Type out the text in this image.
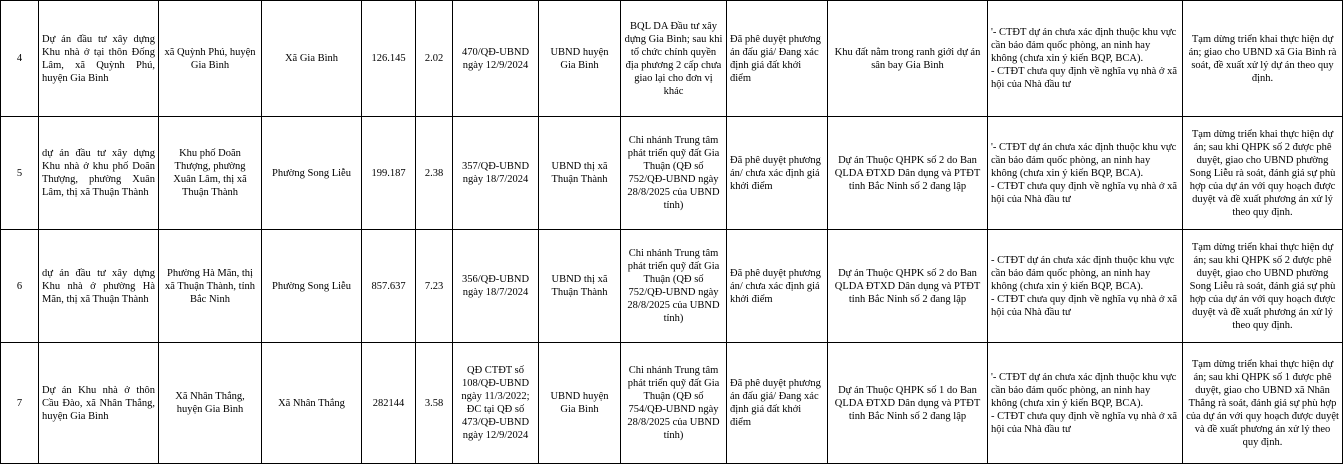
4	Dự án đầu tư xây dựng Khu nhà ở tại thôn Đống Lâm, xã Quỳnh Phú, huyện Gia Bình	xã Quỳnh Phú, huyện Gia Bình	Xã Gia Bình	126.145	2.02	470/QĐ-UBND ngày 12/9/2024	UBND huyện Gia Bình	BQL DA Đầu tư xây dựng Gia Bình; sau khi tổ chức chính quyền địa phương 2 cấp chưa giao lại cho đơn vị khác	Đã phê duyệt phương án đấu giá/ Đang xác định giá đất khởi điểm	Khu đất nằm trong ranh giới dự án sân bay Gia Bình	'- CTĐT dự án chưa xác định thuộc khu vực cần bảo đảm quốc phòng, an ninh hay không (chưa xin ý kiến BQP, BCA).
- CTĐT chưa quy định về nghĩa vụ nhà ở xã hội của Nhà đầu tư	Tạm dừng triển khai thực hiện dự án; giao cho UBND xã Gia Bình rà soát, đề xuất xử lý dự án theo quy định.
5	dự án đầu tư xây dựng Khu nhà ở khu phố Doãn Thượng, phường Xuân Lâm, thị xã Thuận Thành	Khu phố Doãn Thượng, phường Xuân Lâm, thị xã Thuận Thành	Phường Song Liễu	199.187	2.38	357/QĐ-UBND ngày 18/7/2024	UBND thị xã Thuận Thành	Chi nhánh Trung tâm phát triển quỹ đất Gia Thuận (QĐ số 752/QĐ-UBND ngày 28/8/2025 của UBND tỉnh)	Đã phê duyệt phương án/ chưa xác định giá khởi điểm	Dự án Thuộc QHPK số 2 do Ban QLDA ĐTXD Dân dụng và PTĐT tỉnh Bắc Ninh số 2 đang lập	'- CTĐT dự án chưa xác định thuộc khu vực cần bảo đảm quốc phòng, an ninh hay không (chưa xin ý kiến BQP, BCA).
- CTĐT chưa quy định về nghĩa vụ nhà ở xã hội của Nhà đầu tư	Tạm dừng triển khai thực hiện dự án; sau khi QHPK số 2 được phê duyệt, giao cho UBND phường Song Liễu rà soát, đánh giá sự phù hợp của dự án với quy hoạch được duyệt và đề xuất phương án xử lý theo quy định.
6	dự án đầu tư xây dựng Khu nhà ở phường Hà Mãn, thị xã Thuận Thành	Phường Hà Mãn, thị xã Thuận Thành, tỉnh Bắc Ninh	Phường Song Liễu	857.637	7.23	356/QĐ-UBND ngày 18/7/2024	UBND thị xã Thuận Thành	Chi nhánh Trung tâm phát triển quỹ đất Gia Thuận (QĐ số 752/QĐ-UBND ngày 28/8/2025 của UBND tỉnh)	Đã phê duyệt phương án/ chưa xác định giá khởi điểm	Dự án Thuộc QHPK số 2 do Ban QLDA ĐTXD Dân dụng và PTĐT tỉnh Bắc Ninh số 2 đang lập	- CTĐT dự án chưa xác định thuộc khu vực cần bảo đảm quốc phòng, an ninh hay không (chưa xin ý kiến BQP, BCA).
- CTĐT chưa quy định về nghĩa vụ nhà ở xã hội của Nhà đầu tư	Tạm dừng triển khai thực hiện dự án; sau khi QHPK số 2 được phê duyệt, giao cho UBND phường Song Liễu rà soát, đánh giá sự phù hợp của dự án với quy hoạch được duyệt và đề xuất phương án xử lý theo quy định.
7	Dự án Khu nhà ở thôn Cầu Đào, xã Nhân Thắng, huyện Gia Bình	Xã Nhân Thắng, huyện Gia Bình	Xã Nhân Thắng	282144	3.58	QĐ CTĐT số 108/QĐ-UBND ngày 11/3/2022; ĐC tại QĐ số 473/QĐ-UBND ngày 12/9/2024	UBND huyện Gia Bình	Chi nhánh Trung tâm phát triển quỹ đất Gia Thuận (QĐ số 754/QĐ-UBND ngày 28/8/2025 của UBND tỉnh)	Đã phê duyệt phương án đấu giá/ Đang xác định giá đất khởi điểm	Dự án Thuộc QHPK số 1 do Ban QLDA ĐTXD Dân dụng và PTĐT tỉnh Bắc Ninh số 2 đang lập	'- CTĐT dự án chưa xác định thuộc khu vực cần bảo đảm quốc phòng, an ninh hay không (chưa xin ý kiến BQP, BCA).
- CTĐT chưa quy định về nghĩa vụ nhà ở xã hội của Nhà đầu tư	Tạm dừng triển khai thực hiện dự án; sau khi QHPK số 1 được phê duyệt, giao cho UBND xã Nhân Thắng rà soát, đánh giá sự phù hợp của dự án với quy hoạch được duyệt và đề xuất phương án xử lý theo quy định.
